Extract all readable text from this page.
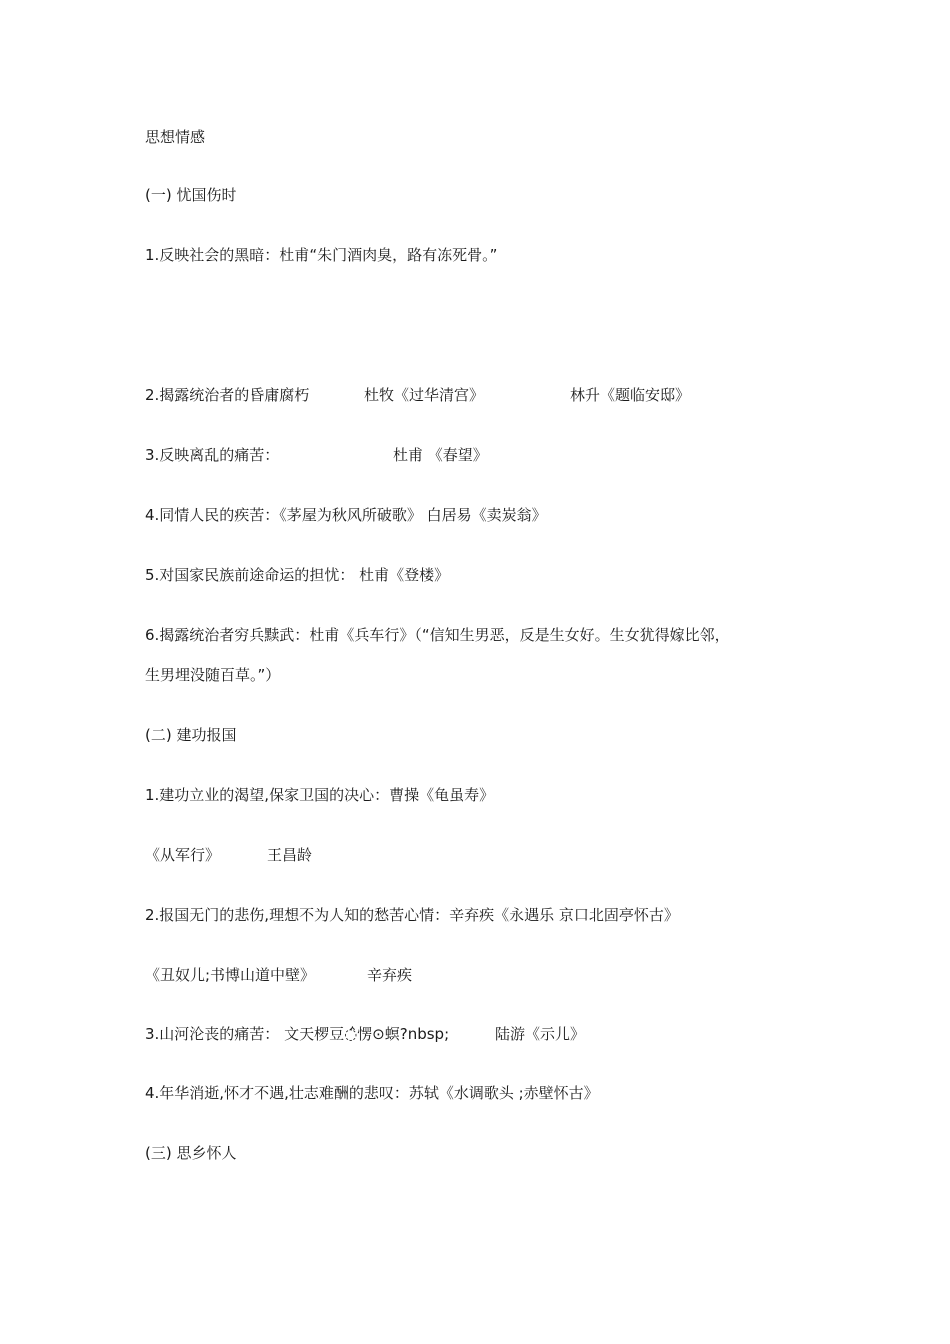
思想情感
(一) 忧国伤时
1.反映社会的黑暗：杜甫“朱门酒肉臭，路有冻死骨。”
2.揭露统治者的昏庸腐朽	杜牧《过华清宫》	林升《题临安邸》
3.反映离乱的痛苦：	杜甫 《春望》
4.同情人民的疾苦：《茅屋为秋风所破歌》 白居易《卖炭翁》
5.对国家民族前途命运的担忧： 杜甫《登楼》
6.揭露统治者穷兵黩武：杜甫《兵车行》（“信知生男恶，反是生女好。生女犹得嫁比邻，
生男埋没随百草。”）
(二) 建功报国
1.建功立业的渴望,保家卫国的决心：曹操《龟虽寿》
《从军行》	王昌龄
2.报国无门的悲伤,理想不为人知的愁苦心情：辛弃疾《永遇乐 京口北固亭怀古》
《丑奴儿;书博山道中壁》	辛弃疾
3.山河沦丧的痛苦： 文天椤豆◌ᩳ愣⊙螟?nbsp;	陆游《示儿》
4.年华消逝,怀才不遇,壮志难酬的悲叹：苏轼《水调歌头 ;赤壁怀古》
(三) 思乡怀人
